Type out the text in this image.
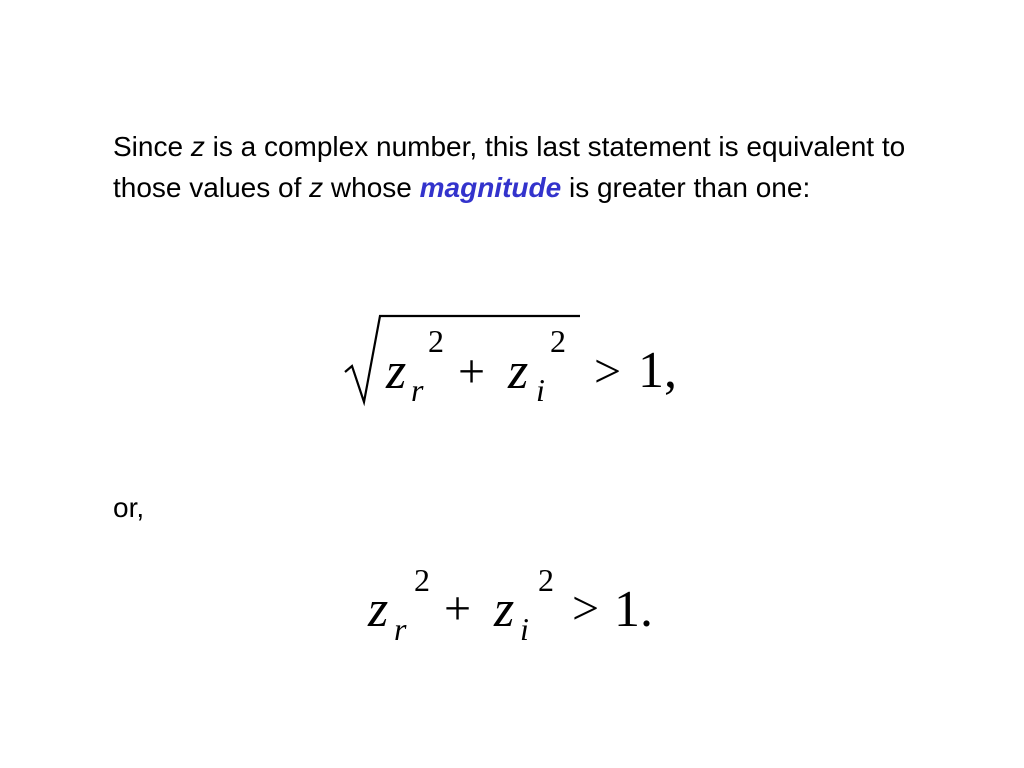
Since z is a complex number, this last statement is equivalent to those values of z whose magnitude is greater than one:

z r
2
+ z i
2
> 1,
z r
2
+ z i
2
> 1.

or,
